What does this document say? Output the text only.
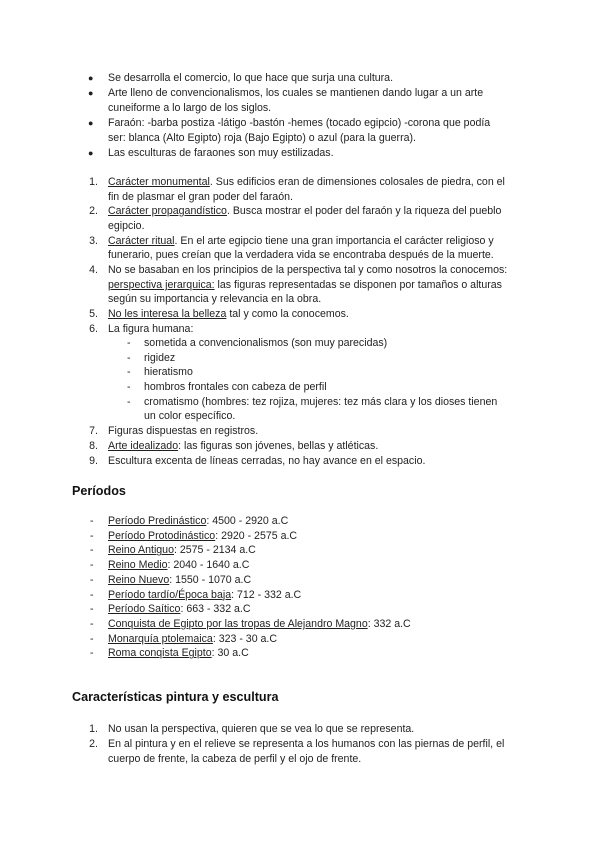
● Se desarrolla el comercio, lo que hace que surja una cultura.
● Arte lleno de convencionalismos, los cuales se mantienen dando lugar a un arte
cuneiforme a lo largo de los siglos.
● Faraón: -barba postiza -látigo -bastón -hemes (tocado egipcio) -corona que podía
ser: blanca (Alto Egipto) roja (Bajo Egipto) o azul (para la guerra).
● Las esculturas de faraones son muy estilizadas.
1. Carácter monumental. Sus edificios eran de dimensiones colosales de piedra, con el
fin de plasmar el gran poder del faraón.
2. Carácter propagandístico. Busca mostrar el poder del faraón y la riqueza del pueblo
egipcio.
3. Carácter ritual. En el arte egipcio tiene una gran importancia el carácter religioso y
funerario, pues creían que la verdadera vida se encontraba después de la muerte.
4. No se basaban en los principios de la perspectiva tal y como nosotros la conocemos:
perspectiva jerarquica: las figuras representadas se disponen por tamaños o alturas
según su importancia y relevancia en la obra.
5. No les interesa la belleza tal y como la conocemos.
6. La figura humana:
- sometida a convencionalismos (son muy parecidas)
- rigidez
- hieratismo
- hombros frontales con cabeza de perfil
- cromatismo (hombres: tez rojiza, mujeres: tez más clara y los dioses tienen
un color específico.
7. Figuras dispuestas en registros.
8. Arte idealizado: las figuras son jóvenes, bellas y atléticas.
9. Escultura excenta de líneas cerradas, no hay avance en el espacio.
Períodos
- Período Predinástico: 4500 - 2920 a.C
- Período Protodinástico: 2920 - 2575 a.C
- Reino Antiguo: 2575 - 2134 a.C
- Reino Medio: 2040 - 1640 a.C
- Reino Nuevo: 1550 - 1070 a.C
- Período tardío/Época baja: 712 - 332 a.C
- Período Saítico: 663 - 332 a.C
- Conquista de Egipto por las tropas de Alejandro Magno: 332 a.C
- Monarquía ptolemaica: 323 - 30 a.C
- Roma conqista Egipto: 30 a.C
Características pintura y escultura
1. No usan la perspectiva, quieren que se vea lo que se representa.
2. En al pintura y en el relieve se representa a los humanos con las piernas de perfil, el
cuerpo de frente, la cabeza de perfil y el ojo de frente.
